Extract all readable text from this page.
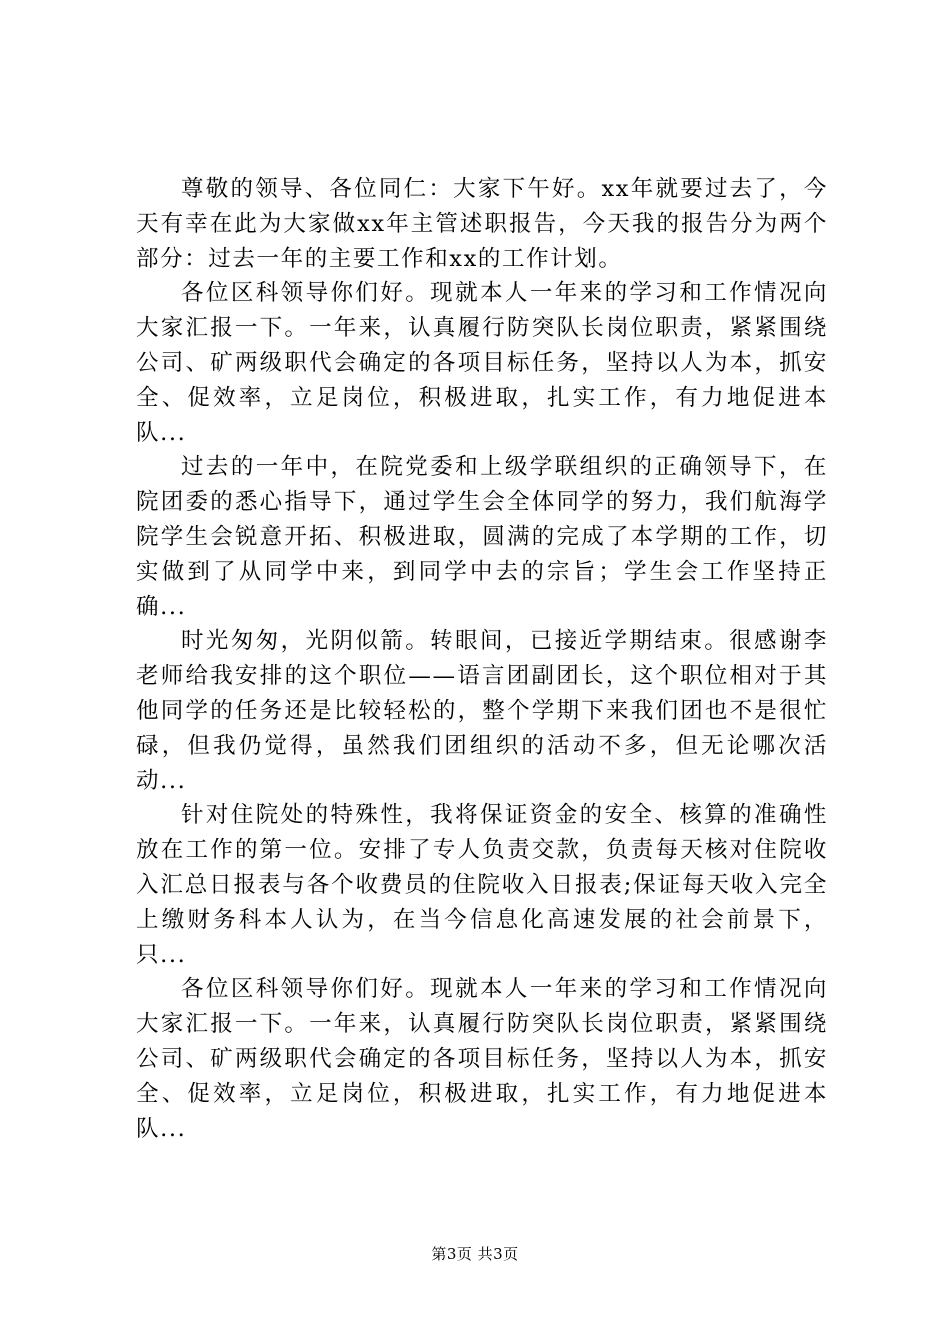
尊敬的领导、各位同仁：大家下午好。xx年就要过去了，今天有幸在此为大家做xx年主管述职报告，今天我的报告分为两个部分：过去一年的主要工作和xx的工作计划。

各位区科领导你们好。现就本人一年来的学习和工作情况向大家汇报一下。一年来，认真履行防突队长岗位职责，紧紧围绕公司、矿两级职代会确定的各项目标任务，坚持以人为本，抓安全、促效率，立足岗位，积极进取，扎实工作，有力地促进本队...

过去的一年中，在院党委和上级学联组织的正确领导下，在院团委的悉心指导下，通过学生会全体同学的努力，我们航海学院学生会锐意开拓、积极进取，圆满的完成了本学期的工作，切实做到了从同学中来，到同学中去的宗旨；学生会工作坚持正确...

时光匆匆，光阴似箭。转眼间，已接近学期结束。很感谢李老师给我安排的这个职位——语言团副团长，这个职位相对于其他同学的任务还是比较轻松的，整个学期下来我们团也不是很忙碌，但我仍觉得，虽然我们团组织的活动不多，但无论哪次活动...

针对住院处的特殊性，我将保证资金的安全、核算的准确性放在工作的第一位。安排了专人负责交款，负责每天核对住院收入汇总日报表与各个收费员的住院收入日报表;保证每天收入完全上缴财务科本人认为，在当今信息化高速发展的社会前景下，只...

各位区科领导你们好。现就本人一年来的学习和工作情况向大家汇报一下。一年来，认真履行防突队长岗位职责，紧紧围绕公司、矿两级职代会确定的各项目标任务，坚持以人为本，抓安全、促效率，立足岗位，积极进取，扎实工作，有力地促进本队...

第3页 共3页
